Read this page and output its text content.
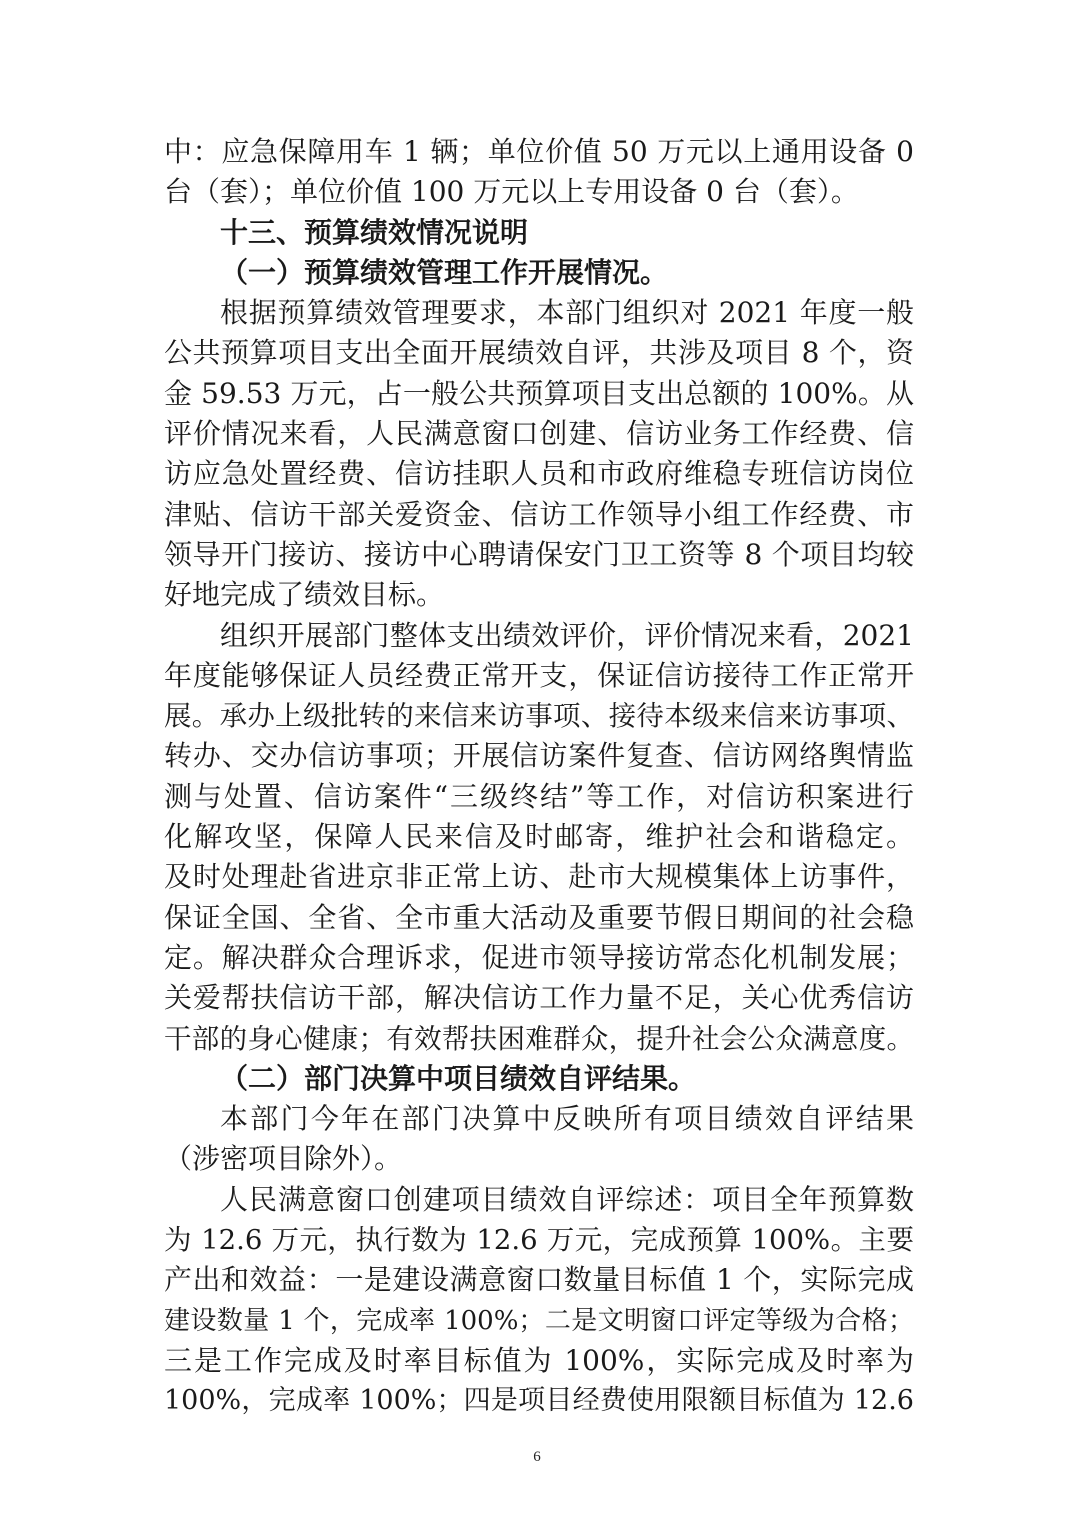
中：应急保障用车 1 辆；单位价值 50 万元以上通用设备 0
台（套）；单位价值 100 万元以上专用设备 0 台（套）。
十三、预算绩效情况说明
（一）预算绩效管理工作开展情况。
根据预算绩效管理要求，本部门组织对 2021 年度一般
公共预算项目支出全面开展绩效自评，共涉及项目 8 个，资
金 59.53 万元，占一般公共预算项目支出总额的 100%。从
评价情况来看，人民满意窗口创建、信访业务工作经费、信
访应急处置经费、信访挂职人员和市政府维稳专班信访岗位
津贴、信访干部关爱资金、信访工作领导小组工作经费、市
领导开门接访、接访中心聘请保安门卫工资等 8 个项目均较
好地完成了绩效目标。
组织开展部门整体支出绩效评价，评价情况来看，2021
年度能够保证人员经费正常开支，保证信访接待工作正常开
展。承办上级批转的来信来访事项、接待本级来信来访事项、
转办、交办信访事项；开展信访案件复查、信访网络舆情监
测与处置、信访案件“三级终结”等工作，对信访积案进行
化解攻坚，保障人民来信及时邮寄，维护社会和谐稳定。
及时处理赴省进京非正常上访、赴市大规模集体上访事件，
保证全国、全省、全市重大活动及重要节假日期间的社会稳
定。解决群众合理诉求，促进市领导接访常态化机制发展；
关爱帮扶信访干部，解决信访工作力量不足，关心优秀信访
干部的身心健康；有效帮扶困难群众，提升社会公众满意度。
（二）部门决算中项目绩效自评结果。
本部门今年在部门决算中反映所有项目绩效自评结果
（涉密项目除外）。
人民满意窗口创建项目绩效自评综述：项目全年预算数
为 12.6 万元，执行数为 12.6 万元，完成预算 100%。主要
产出和效益：一是建设满意窗口数量目标值 1 个，实际完成
建设数量 1 个，完成率 100%；二是文明窗口评定等级为合格；
三是工作完成及时率目标值为 100%，实际完成及时率为
100%，完成率 100%；四是项目经费使用限额目标值为 12.6
6
